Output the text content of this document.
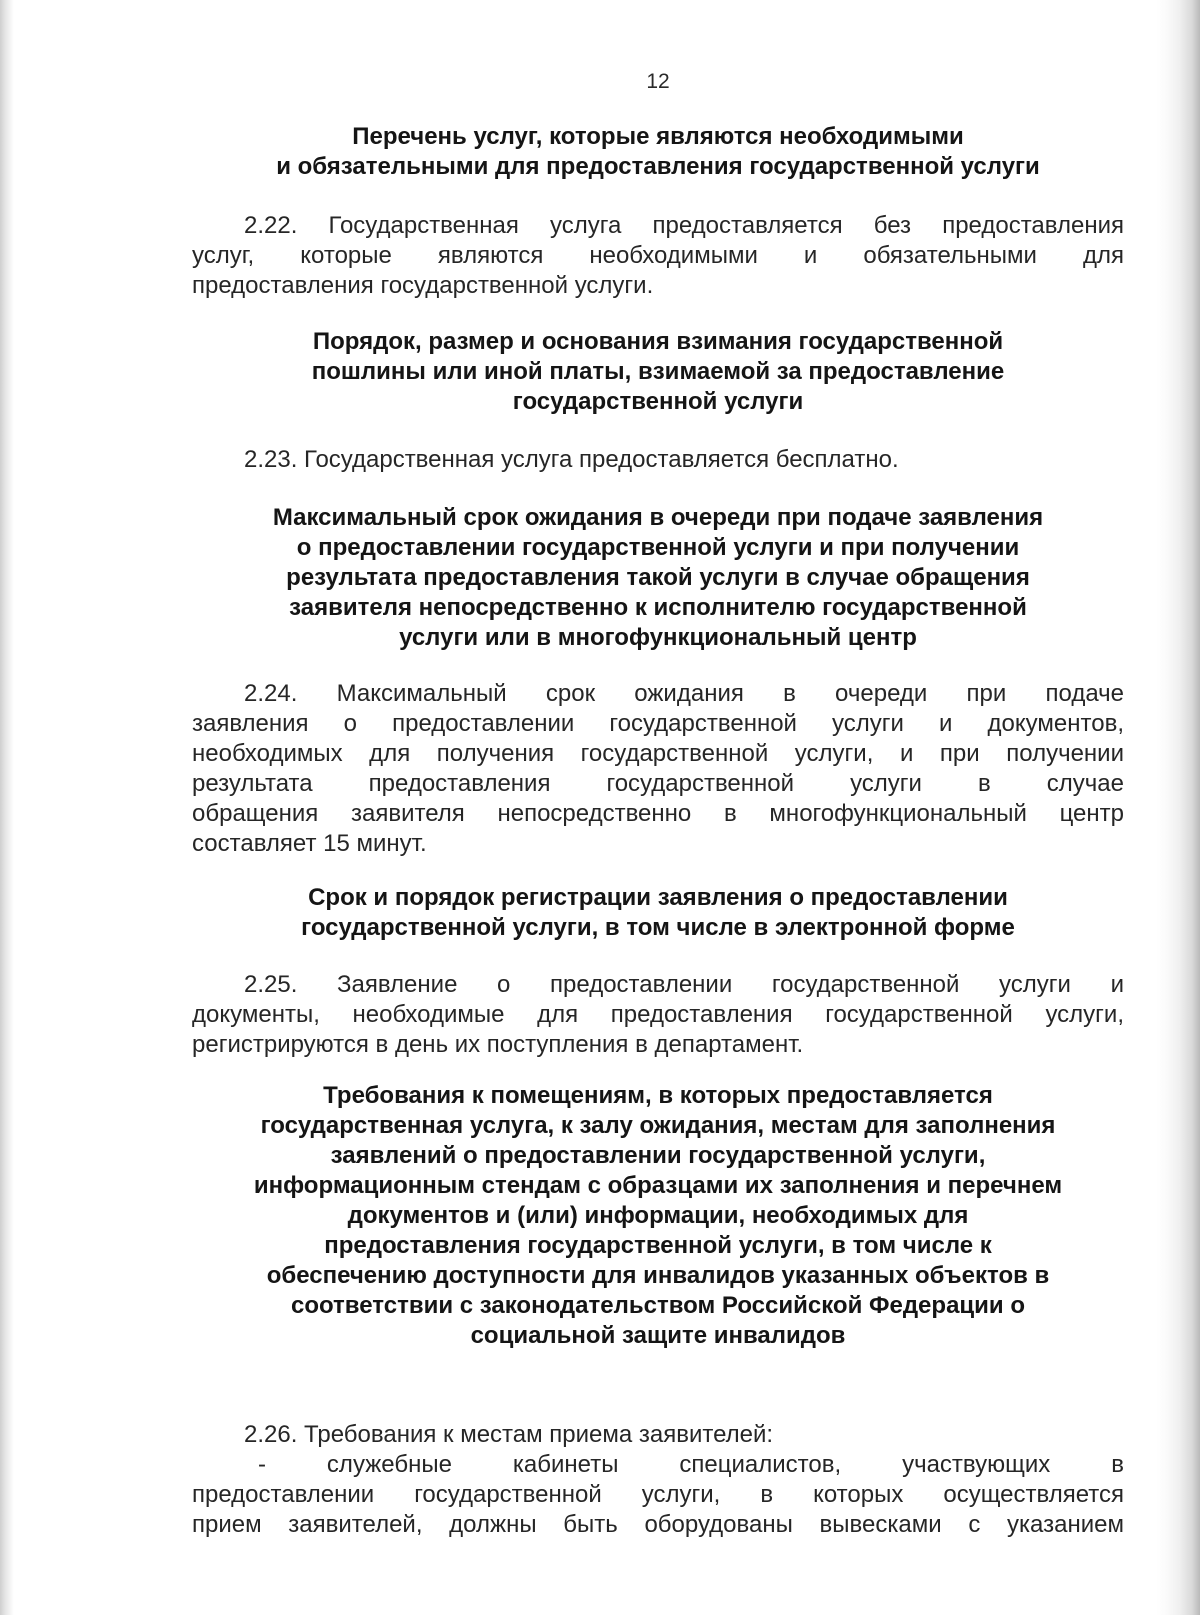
12
Перечень услуг, которые являются необходимыми
и обязательными для предоставления государственной услуги
2.22. Государственная услуга предоставляется без предоставления
услуг, которые являются необходимыми и обязательными для
предоставления государственной услуги.
Порядок, размер и основания взимания государственной
пошлины или иной платы, взимаемой за предоставление
государственной услуги
2.23. Государственная услуга предоставляется бесплатно.
Максимальный срок ожидания в очереди при подаче заявления
о предоставлении государственной услуги и при получении
результата предоставления такой услуги в случае обращения
заявителя непосредственно к исполнителю государственной
услуги или в многофункциональный центр
2.24. Максимальный срок ожидания в очереди при подаче
заявления о предоставлении государственной услуги и документов,
необходимых для получения государственной услуги, и при получении
результата предоставления государственной услуги в случае
обращения заявителя непосредственно в многофункциональный центр
составляет 15 минут.
Срок и порядок регистрации заявления о предоставлении
государственной услуги, в том числе в электронной форме
2.25. Заявление о предоставлении государственной услуги и
документы, необходимые для предоставления государственной услуги,
регистрируются в день их поступления в департамент.
Требования к помещениям, в которых предоставляется
государственная услуга, к залу ожидания, местам для заполнения
заявлений о предоставлении государственной услуги,
информационным стендам с образцами их заполнения и перечнем
документов и (или) информации, необходимых для
предоставления государственной услуги, в том числе к
обеспечению доступности для инвалидов указанных объектов в
соответствии с законодательством Российской Федерации о
социальной защите инвалидов
2.26. Требования к местам приема заявителей:
- служебные кабинеты специалистов, участвующих в
предоставлении государственной услуги, в которых осуществляется
прием заявителей, должны быть оборудованы вывесками с указанием
